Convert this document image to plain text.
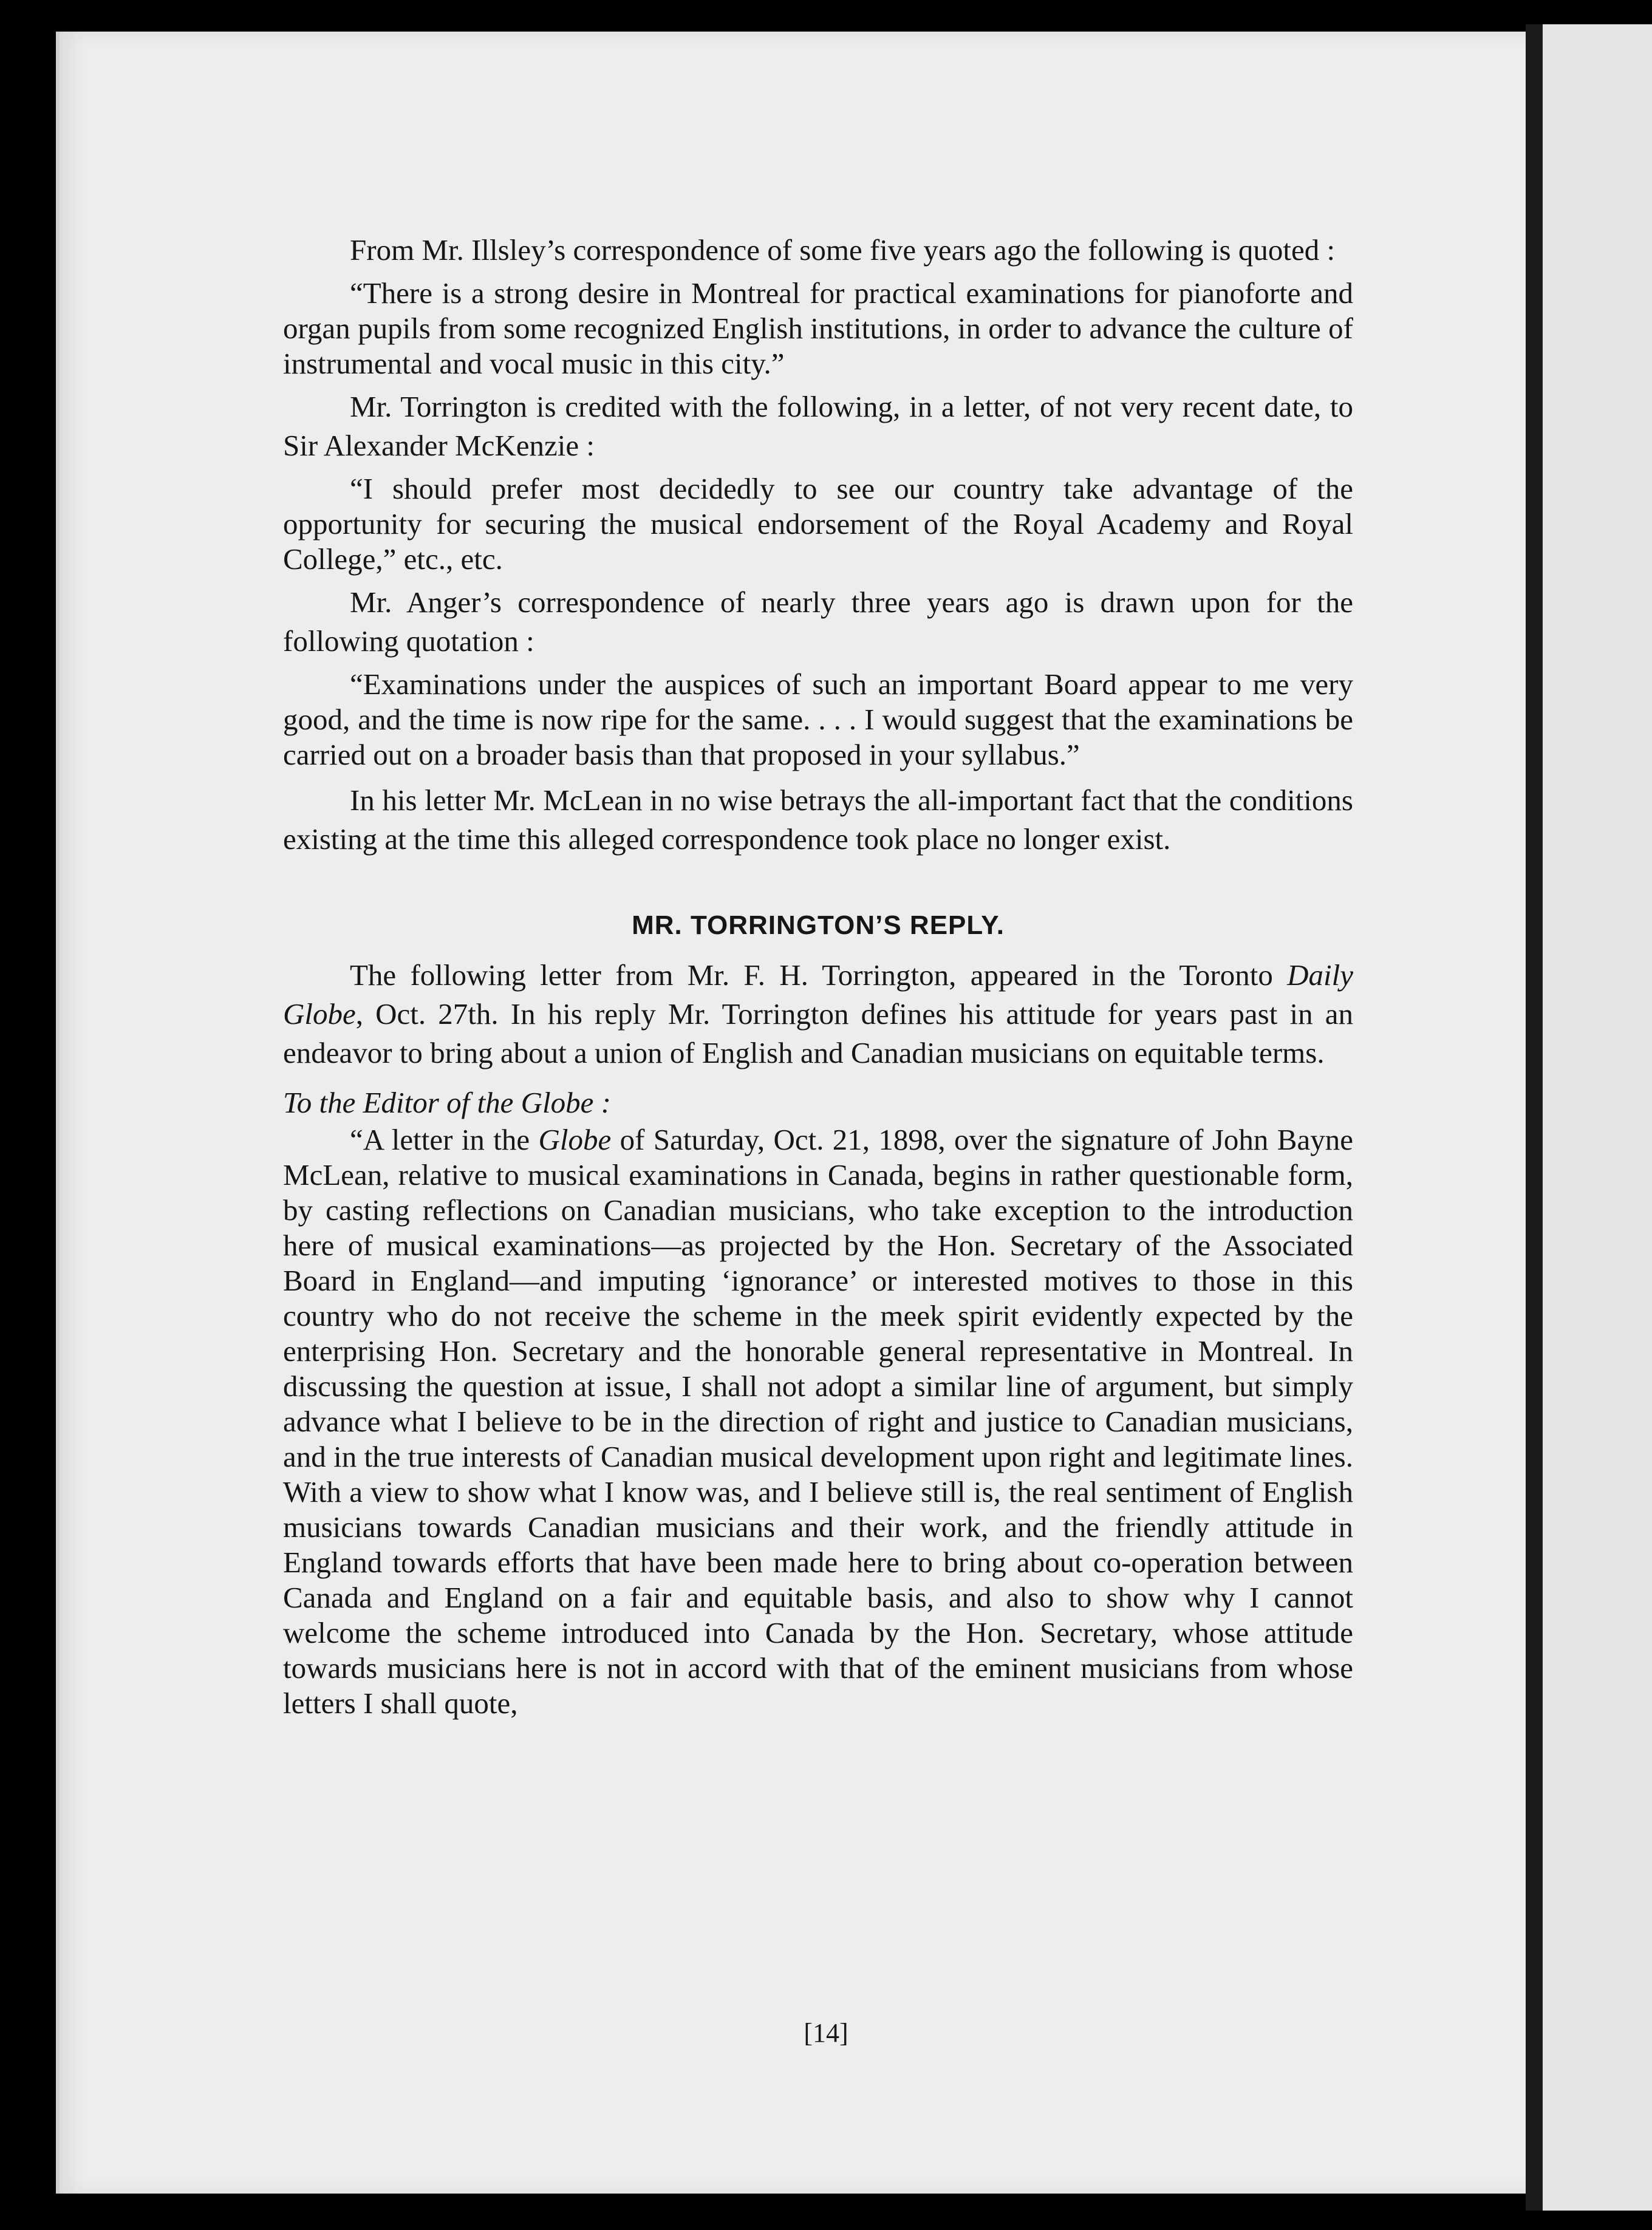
From Mr. Illsley’s correspondence of some five years ago the following is quoted :

“There is a strong desire in Montreal for practical examinations for pianoforte and organ pupils from some recognized English institutions, in order to advance the culture of instrumental and vocal music in this city.”

Mr. Torrington is credited with the following, in a letter, of not very recent date, to Sir Alexander McKenzie :

“I should prefer most decidedly to see our country take advantage of the opportunity for securing the musical endorsement of the Royal Academy and Royal College,” etc., etc.

Mr. Anger’s correspondence of nearly three years ago is drawn upon for the following quotation :

“Examinations under the auspices of such an important Board appear to me very good, and the time is now ripe for the same. . . . I would suggest that the examinations be carried out on a broader basis than that proposed in your syllabus.”

In his letter Mr. McLean in no wise betrays the all-important fact that the conditions existing at the time this alleged correspondence took place no longer exist.

MR. TORRINGTON’S REPLY.

The following letter from Mr. F. H. Torrington, appeared in the Toronto Daily Globe, Oct. 27th. In his reply Mr. Torrington defines his attitude for years past in an endeavor to bring about a union of English and Canadian musicians on equitable terms.

To the Editor of the Globe :

“A letter in the Globe of Saturday, Oct. 21, 1898, over the signature of John Bayne McLean, relative to musical examinations in Canada, begins in rather questionable form, by casting reflections on Canadian musicians, who take exception to the introduction here of musical examinations—as projected by the Hon. Secretary of the Associated Board in England—and imputing ‘ignorance’ or interested motives to those in this country who do not receive the scheme in the meek spirit evidently expected by the enterprising Hon. Secretary and the honorable general representative in Montreal. In discussing the question at issue, I shall not adopt a similar line of argument, but simply advance what I believe to be in the direction of right and justice to Canadian musicians, and in the true interests of Canadian musical development upon right and legitimate lines. With a view to show what I know was, and I believe still is, the real sentiment of English musicians towards Canadian musicians and their work, and the friendly attitude in England towards efforts that have been made here to bring about co-operation between Canada and England on a fair and equitable basis, and also to show why I cannot welcome the scheme introduced into Canada by the Hon. Secretary, whose attitude towards musicians here is not in accord with that of the eminent musicians from whose letters I shall quote,

[14]
